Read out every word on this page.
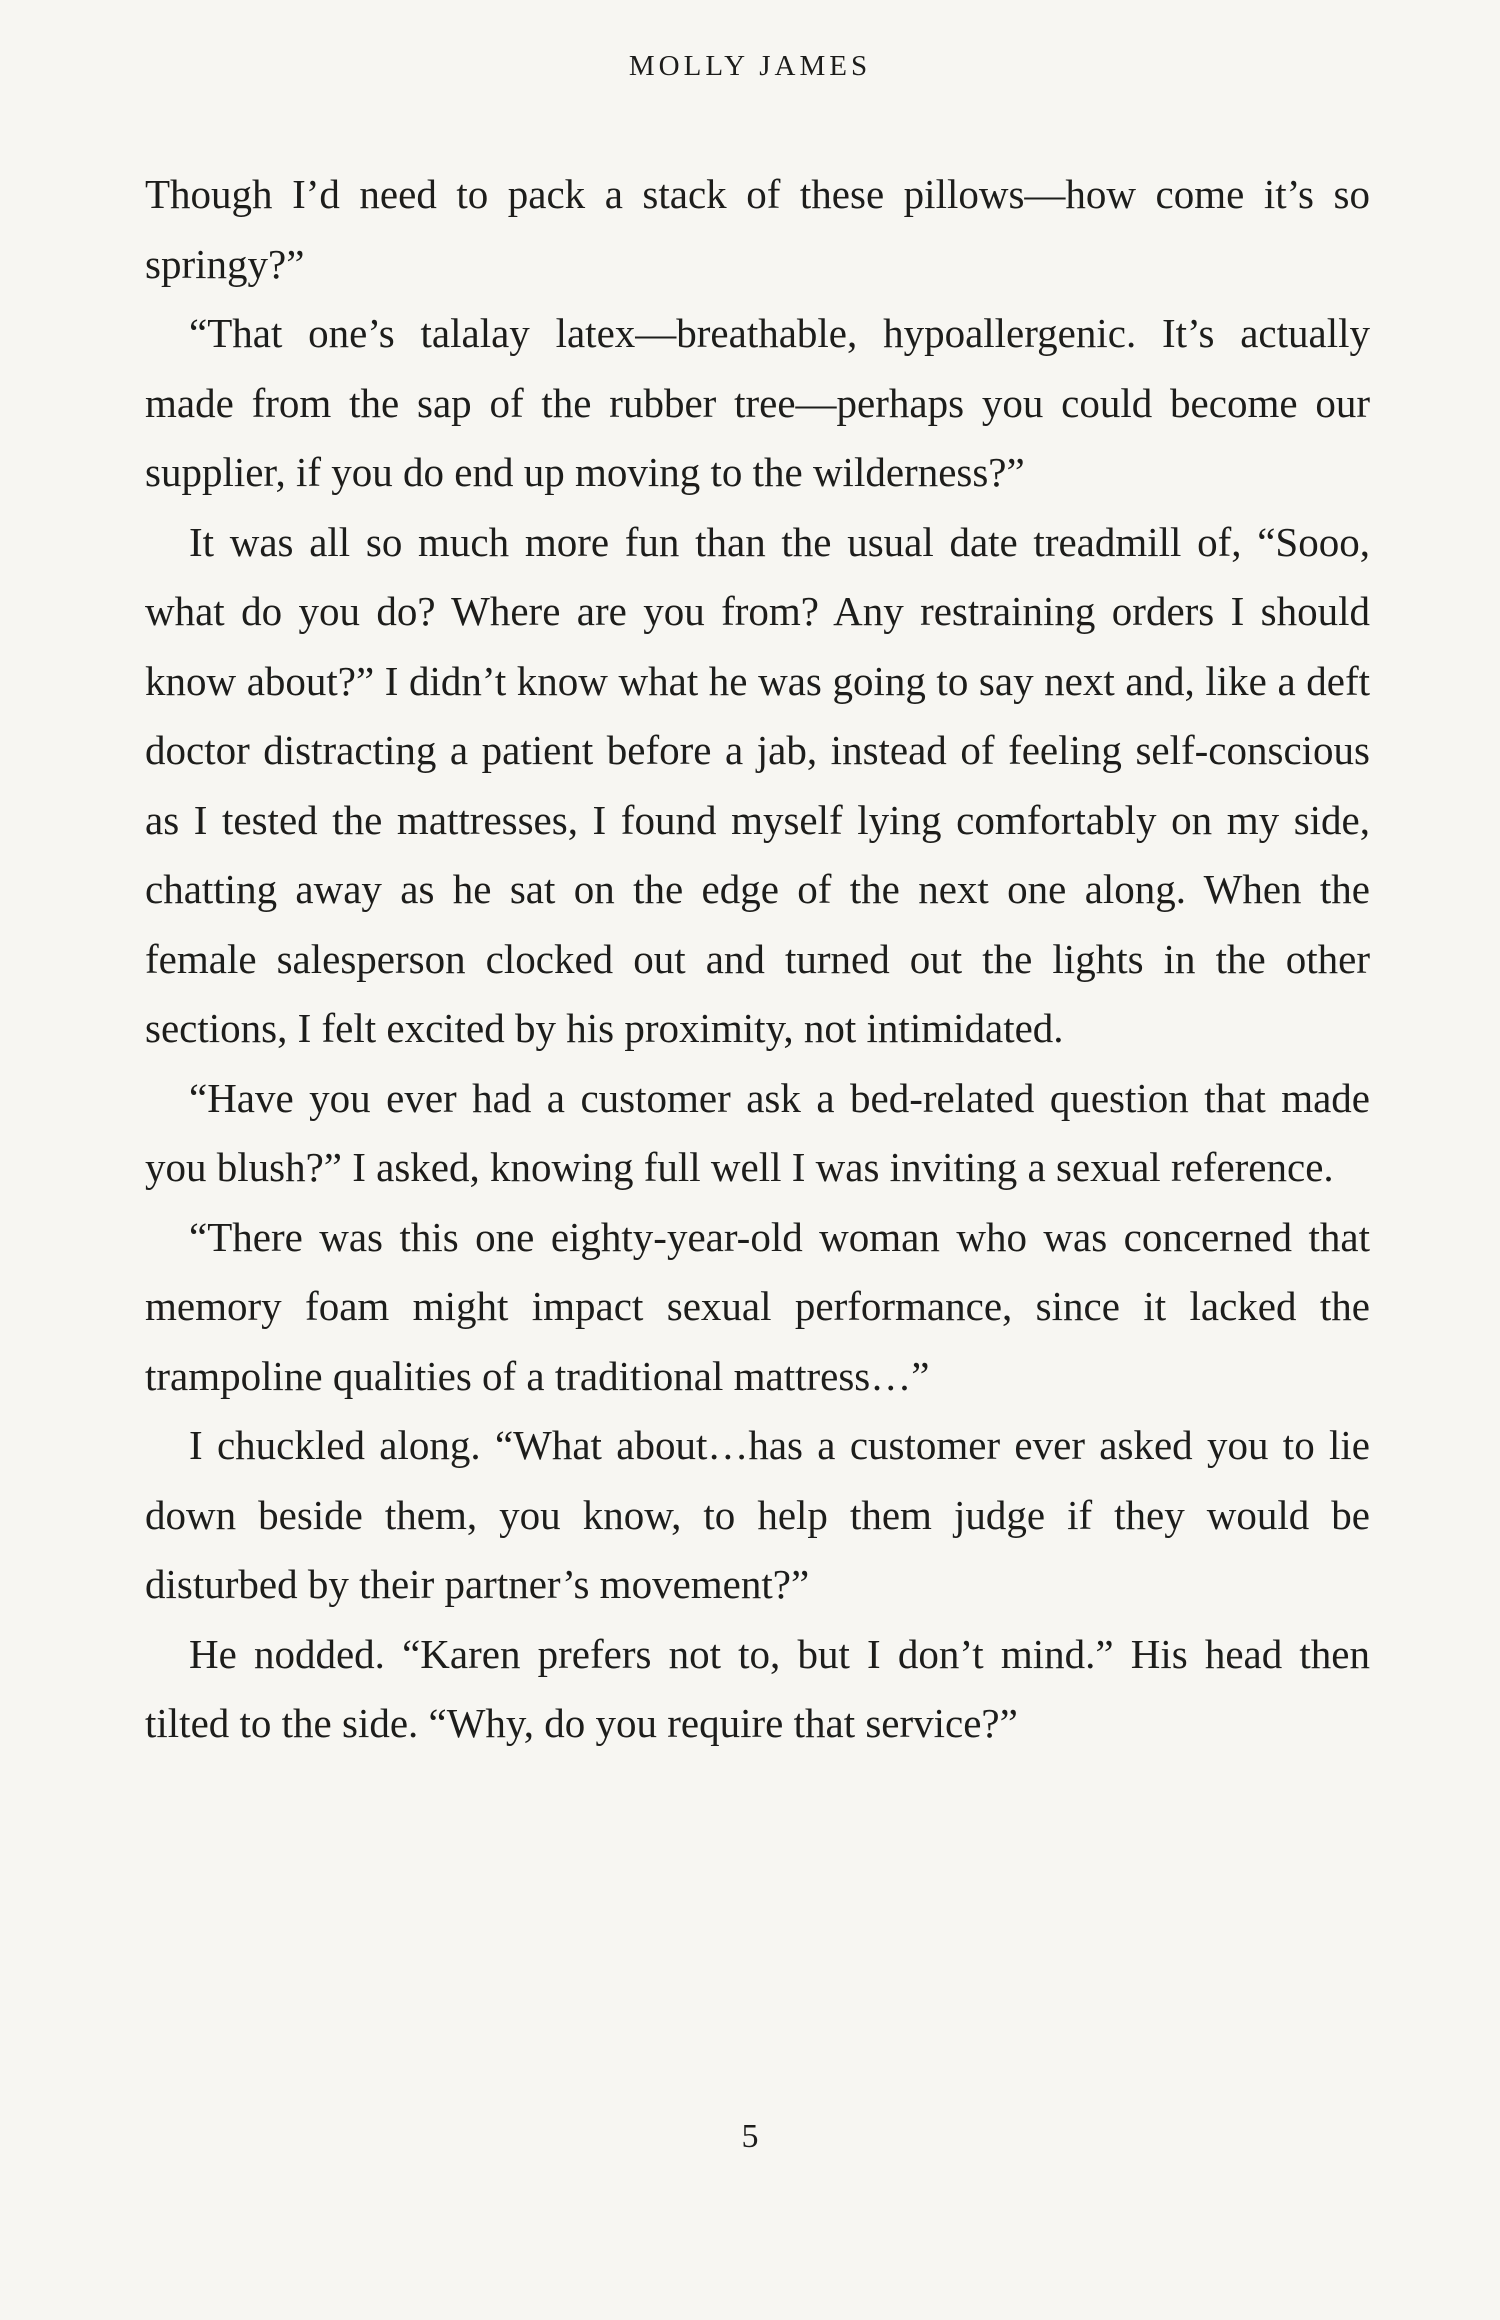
MOLLY JAMES

Though I’d need to pack a stack of these pillows—how come it’s so springy?”

“That one’s talalay latex—breathable, hypoallergenic. It’s actually made from the sap of the rubber tree—perhaps you could become our supplier, if you do end up moving to the wilderness?”

It was all so much more fun than the usual date treadmill of, “Sooo, what do you do? Where are you from? Any restraining orders I should know about?” I didn’t know what he was going to say next and, like a deft doctor distracting a patient before a jab, instead of feeling self-conscious as I tested the mattresses, I found myself lying comfortably on my side, chatting away as he sat on the edge of the next one along. When the female salesperson clocked out and turned out the lights in the other sections, I felt excited by his proximity, not intimidated.

“Have you ever had a customer ask a bed-related question that made you blush?” I asked, knowing full well I was inviting a sexual reference.

“There was this one eighty-year-old woman who was concerned that memory foam might impact sexual performance, since it lacked the trampoline qualities of a traditional mattress…”

I chuckled along. “What about…has a customer ever asked you to lie down beside them, you know, to help them judge if they would be disturbed by their partner’s movement?”

He nodded. “Karen prefers not to, but I don’t mind.” His head then tilted to the side. “Why, do you require that service?”

5
